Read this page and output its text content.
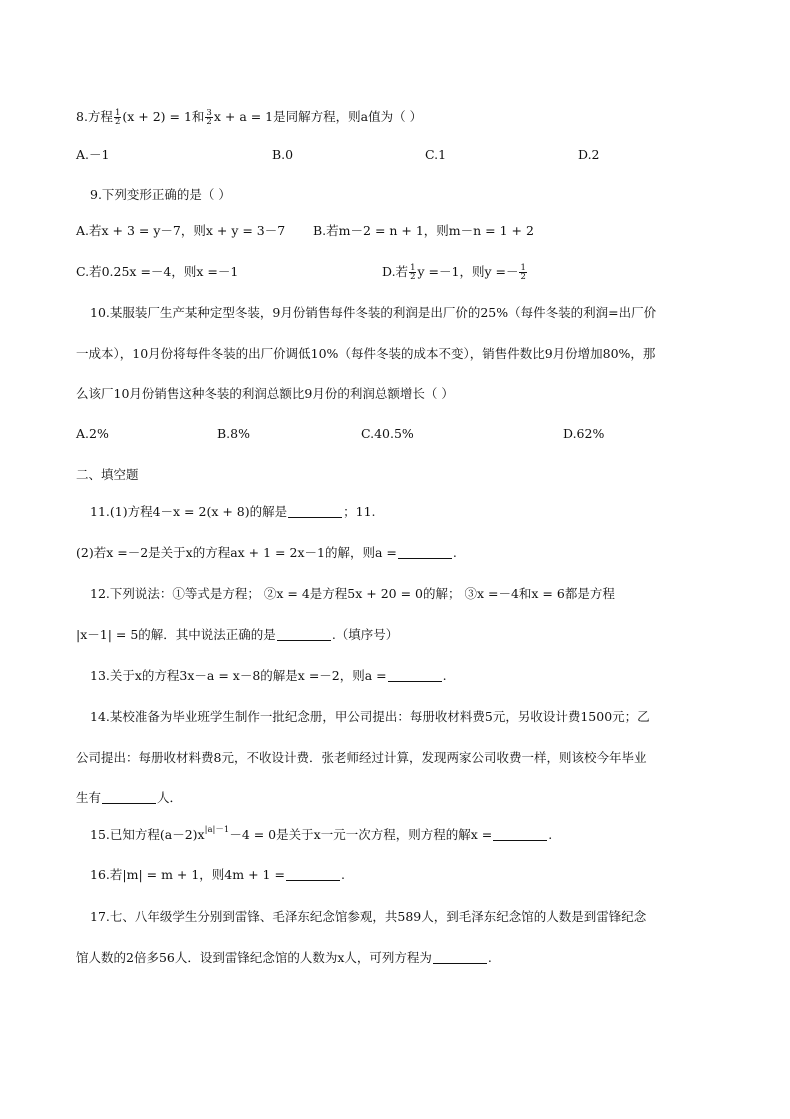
8.方程 $\frac{1}{2} (x + 2) = 1$和 $\frac{3}{2}$ x + a = 1是同解方程，则a值为（ ）
A.－1	B.0	C.1	D.2
9.下列变形正确的是（ ）
A.若x + 3 = y－7，则x + y = 3－7 B.若m－2 = n + 1，则m－n = 1 + 2
C.若0.25x =－4，则x =－1	D.若 $\frac{1}{2}$ y =－1，则$y =- \frac{1}{2}$
10.某服装厂生产某种定型冬装，9月份销售每件冬装的利润是出厂价的25%（每件冬装的利润=出厂价
一成本），10月份将每件冬装的出厂价调低10%（每件冬装的成本不变），销售件数比9月份增加80%，那
么该厂10月份销售这种冬装的利润总额比9月份的利润总额增长（ ）
A.2%	B.8%	C.40.5%	D.62%
二、填空题
11.(1)方程4－x = 2(x + 8)的解是	；11.
(2)若x =－2是关于x的方程ax + 1 = 2x－1的解，则a =	.
12.下列说法：①等式是方程； ②x = 4是方程5x + 20 = 0的解； ③x =－4和x = 6都是方程
|x－1| = 5的解．其中说法正确的是	.（填序号）
13.关于x的方程3x－a = x－8的解是x =－2，则a =	.
14.某校准备为毕业班学生制作一批纪念册，甲公司提出：每册收材料费5元，另收设计费1500元；乙
公司提出：每册收材料费8元，不收设计费．张老师经过计算，发现两家公司收费一样，则该校今年毕业
生有	人．
15.已知方程$(a-2)x^{|a|-1}-4 = 0$是关于x一元一次方程，则方程的解x =	.
16.若|m| = m + 1，则4m + 1 =	.
17.七、八年级学生分别到雷锋、毛泽东纪念馆参观，共589人，到毛泽东纪念馆的人数是到雷锋纪念
馆人数的2倍多56人．设到雷锋纪念馆的人数为x人，可列方程为	.
